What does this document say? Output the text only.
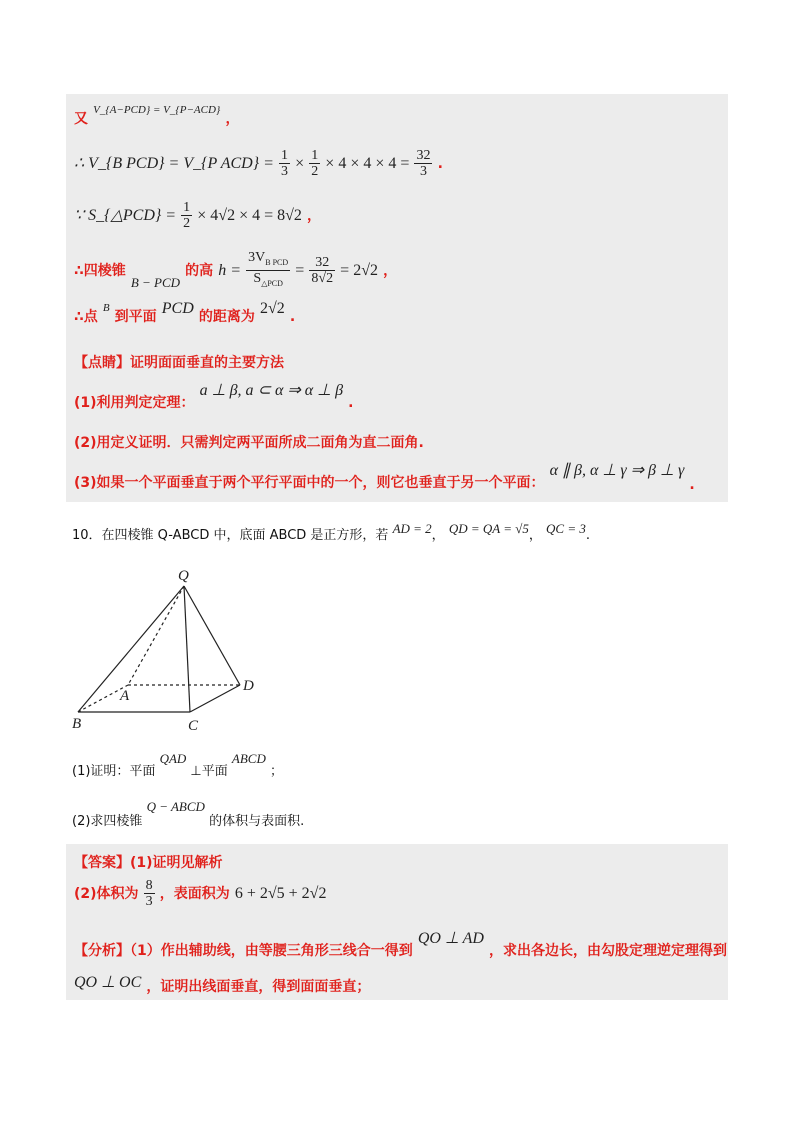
又 $^{V\_\{A-PCD\} = V\_\{P-ACD\}}$ ，
∴ V_{B PCD} = V_{P $ACD\} = \frac{1}{3} \times \frac{1}{2} \times 4 \times 4 \times 4 = \frac{32}{3}$ .
∵ S_{△PCD} = $\frac{1}{2} \times 4√2 \times 4 = 8√2$ ，
∴四棱锥 $_{B - PCD}$ 的高 $h = \frac{3V_{B PCD}}{S_{\triangle PCD}} = \frac{32}{8√2} = 2√2$ ，
∴点 $^B$ 到平面 PCD 的距离为 2√2 .
【点睛】证明面面垂直的主要方法
(1)利用判定定理： a ⊥ β, a ⊂ α ⇒ α ⊥ β .
(2)用定义证明．只需判定两平面所成二面角为直二面角.
(3)如果一个平面垂直于两个平行平面中的一个，则它也垂直于另一个平面： α ∥ β, α ⊥ γ ⇒ β ⊥ γ .
10．在四棱锥 Q-ABCD 中，底面 ABCD 是正方形，若 AD = 2， QD = QA = √5， QC = 3.
Q
A
B	C
D
(1)证明：平面 QAD ⊥平面 ABCD ；
(2)求四棱锥 Q − ABCD 的体积与表面积.
【答案】(1)证明见解析
(2)体积为 $\frac{8}{3}$ ，表面积为 6 + 2√5 + 2√2
【分析】（1）作出辅助线，由等腰三角形三线合一得到 QO ⊥ AD ，求出各边长，由勾股定理逆定理得到
QO ⊥ OC ，证明出线面垂直，得到面面垂直；
